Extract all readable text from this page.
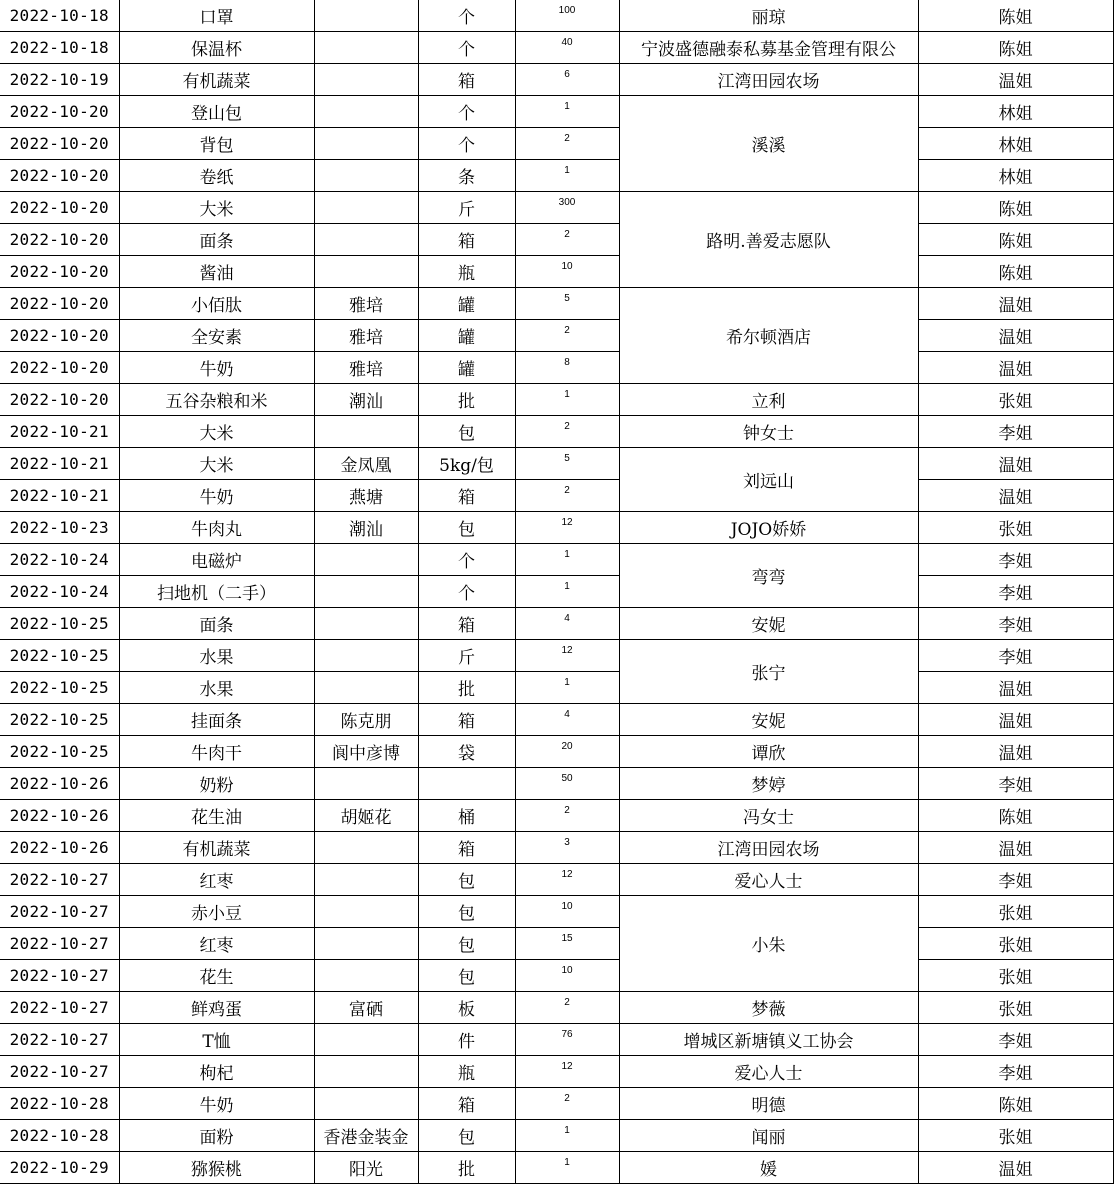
2022-10-18	口罩		个	100	丽琼	陈姐
2022-10-18	保温杯		个	40	宁波盛德融泰私募基金管理有限公	陈姐
2022-10-19	有机蔬菜		箱	6	江湾田园农场	温姐
2022-10-20	登山包		个	1	溪溪	林姐
2022-10-20	背包		个	2		林姐
2022-10-20	卷纸		条	1		林姐
2022-10-20	大米		斤	300	路明.善爱志愿队	陈姐
2022-10-20	面条		箱	2		陈姐
2022-10-20	酱油		瓶	10		陈姐
2022-10-20	小佰肽	雅培	罐	5	希尔顿酒店	温姐
2022-10-20	全安素	雅培	罐	2		温姐
2022-10-20	牛奶	雅培	罐	8		温姐
2022-10-20	五谷杂粮和米	潮汕	批	1	立利	张姐
2022-10-21	大米		包	2	钟女士	李姐
2022-10-21	大米	金凤凰	5kg/包	5	刘远山	温姐
2022-10-21	牛奶	燕塘	箱	2		温姐
2022-10-23	牛肉丸	潮汕	包	12	JOJO娇娇	张姐
2022-10-24	电磁炉		个	1	弯弯	李姐
2022-10-24	扫地机（二手）		个	1		李姐
2022-10-25	面条		箱	4	安妮	李姐
2022-10-25	水果		斤	12	张宁	李姐
2022-10-25	水果		批	1		温姐
2022-10-25	挂面条	陈克朋	箱	4	安妮	温姐
2022-10-25	牛肉干	阆中彦博	袋	20	谭欣	温姐
2022-10-26	奶粉			50	梦婷	李姐
2022-10-26	花生油	胡姬花	桶	2	冯女士	陈姐
2022-10-26	有机蔬菜		箱	3	江湾田园农场	温姐
2022-10-27	红枣		包	12	爱心人士	李姐
2022-10-27	赤小豆		包	10	小朱	张姐
2022-10-27	红枣		包	15		张姐
2022-10-27	花生		包	10		张姐
2022-10-27	鲜鸡蛋	富硒	板	2	梦薇	张姐
2022-10-27	T恤		件	76	增城区新塘镇义工协会	李姐
2022-10-27	枸杞		瓶	12	爱心人士	李姐
2022-10-28	牛奶		箱	2	明德	陈姐
2022-10-28	面粉	香港金装金	包	1	闻丽	张姐
2022-10-29	猕猴桃	阳光	批	1	媛	温姐
